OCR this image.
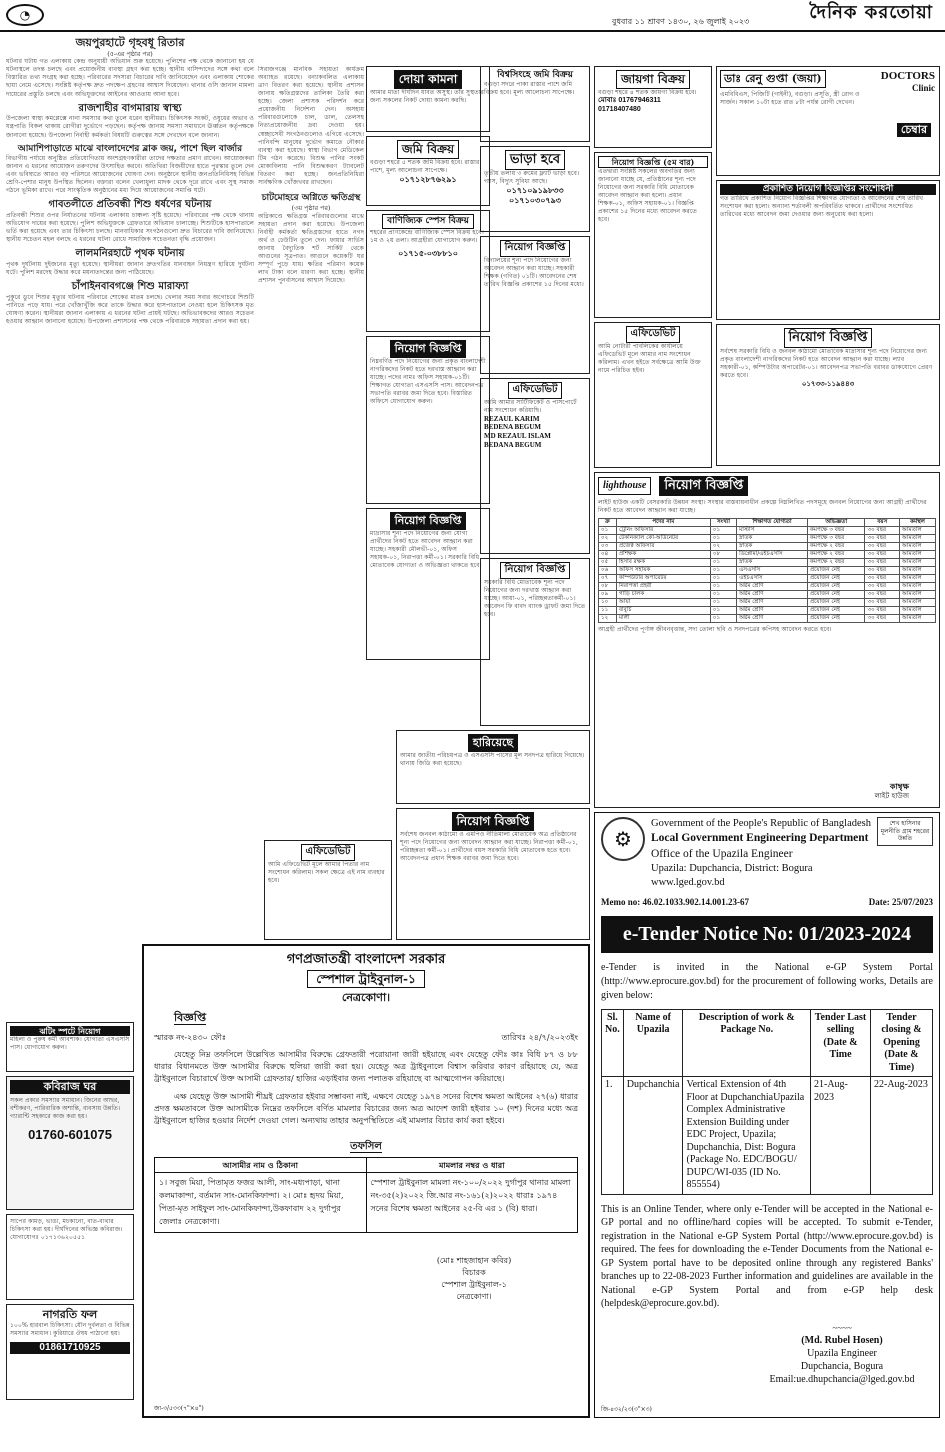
◔	বুধবার ১১ শ্রাবণ ১৪৩০, ২৬ জুলাই ২০২৩	দৈনিক করতোয়া
জয়পুরহাটে গৃহবধূ রিতার
(৫-এর পৃষ্ঠার পর)

ঘটনার ঘটায় গত এলাকায় কেন্দ্র অনুযায়ী অভিযান শুরু হয়েছে। পুলিশের পক্ষ থেকে জানানো হয় যে ঘটনাস্থলে তদন্ত চলছে এবং প্রয়োজনীয় ব্যবস্থা গ্রহণ করা হচ্ছে। স্থানীয় বাসিন্দাদের সঙ্গে কথা বলে বিস্তারিত তথ্য সংগ্রহ করা হচ্ছে। পরিবারের সদস্যরা বিচারের দাবি জানিয়েছেন এবং এলাকায় শোকের ছায়া নেমে এসেছে। সংশ্লিষ্ট কর্তৃপক্ষ দ্রুত পদক্ষেপ গ্রহণের আশ্বাস দিয়েছেন। থানার ওসি জানান মামলা দায়েরের প্রস্তুতি চলছে এবং অভিযুক্তদের আইনের আওতায় আনা হবে।

রাজশাহীর বাগমারায় স্বাস্থ্য

উপজেলা স্বাস্থ্য কমপ্লেক্সে নানা সমস্যার কথা তুলে ধরেন স্থানীয়রা। চিকিৎসক সংকট, ওষুধের অভাব ও যন্ত্রপাতি বিকল থাকায় রোগীরা দুর্ভোগে পড়ছেন। কর্তৃপক্ষ জানায় সমস্যা সমাধানে ঊর্ধ্বতন কর্তৃপক্ষকে জানানো হয়েছে। উপজেলা নির্বাহী কর্মকর্তা বিষয়টি গুরুত্বের সঙ্গে দেখছেন বলে জানান।

আমাশিপাড়াতে মাঝে বাংলাদেশের ব্লাক জয়, পাশে ছিল বার্জার

বিভাগীয় পর্যায়ে অনুষ্ঠিত প্রতিযোগিতায় অংশগ্রহণকারীরা তাদের দক্ষতার প্রমাণ রাখেন। আয়োজকরা জানান এ ধরনের আয়োজন তরুণদের উৎসাহিত করবে। অতিথিরা বিজয়ীদের হাতে পুরস্কার তুলে দেন এবং ভবিষ্যতে আরও বড় পরিসরে আয়োজনের ঘোষণা দেন। অনুষ্ঠানে স্থানীয় জনপ্রতিনিধিসহ বিভিন্ন শ্রেণি-পেশার মানুষ উপস্থিত ছিলেন। বক্তারা বলেন খেলাধুলা মাদক থেকে দূরে রাখে এবং সুস্থ সমাজ গঠনে ভূমিকা রাখে। পরে সাংস্কৃতিক অনুষ্ঠানের মধ্য দিয়ে আয়োজনের সমাপ্তি ঘটে।

গাবতলীতে প্রতিবন্ধী শিশু ধর্ষণের ঘটনায়

প্রতিবন্ধী শিশুর ওপর নির্যাতনের ঘটনায় এলাকায় চাঞ্চল্য সৃষ্টি হয়েছে। পরিবারের পক্ষ থেকে থানায় অভিযোগ দায়ের করা হয়েছে। পুলিশ অভিযুক্তকে গ্রেফতারে অভিযান চালাচ্ছে। শিশুটিকে হাসপাতালে ভর্তি করা হয়েছে এবং তার চিকিৎসা চলছে। মানবাধিকার সংগঠনগুলো দ্রুত বিচারের দাবি জানিয়েছে। স্থানীয় সচেতন মহল বলছে এ ধরনের ঘটনা রোধে সামাজিক সচেতনতা বৃদ্ধি প্রয়োজন।

লালমনিরহাটে পৃথক ঘটনায়

পৃথক দুর্ঘটনায় দুইজনের মৃত্যু হয়েছে। স্থানীয়রা জানান দ্রুতগতির যানবাহন নিয়ন্ত্রণ হারিয়ে দুর্ঘটনা ঘটে। পুলিশ মরদেহ উদ্ধার করে ময়নাতদন্তের জন্য পাঠিয়েছে।

চাঁপাইনবাবগঞ্জে শিশু মারাফ্যা

পুকুরে ডুবে শিশুর মৃত্যুর ঘটনায় পরিবারে শোকের মাতম চলছে। খেলার সময় সবার অগোচরে শিশুটি পানিতে পড়ে যায়। পরে খোঁজাখুঁজি করে তাকে উদ্ধার করে হাসপাতালে নেওয়া হলে চিকিৎসক মৃত ঘোষণা করেন। স্থানীয়রা জানান এলাকায় এ ধরনের ঘটনা প্রায়ই ঘটছে। অভিভাবকদের আরও সচেতন হওয়ার আহ্বান জানানো হয়েছে। উপজেলা প্রশাসনের পক্ষ থেকে পরিবারকে সহায়তা প্রদান করা হয়।

ঝটিং স্পটে নিয়োগ
মহিলা ও পুরুষ কর্মী আবশ্যক। যোগ্যতা এসএসসি পাস। যোগাযোগ করুন।
কবিরাজ ঘর
সকল প্রকার সমস্যার সমাধান। জিনের আছর, বশীকরণ, পারিবারিক অশান্তি, ব্যবসায় উন্নতি। গ্যারান্টি সহকারে কাজ করা হয়।
01760-601075
সাপের কামড়, ভাঙা, মচকানো, বাত-ব্যথার চিকিৎসা করা হয়। দীর্ঘদিনের অভিজ্ঞ কবিরাজ। যোগাযোগঃ ০১৭১৩৬২০৫৫১
নাগরতি ফল
১০০% হারবাল চিকিৎসা। যৌন দুর্বলতা ও বিভিন্ন সমস্যার সমাধান। কুরিয়ারে ঔষধ পাঠানো হয়।
01861710925

সিরাজগঞ্জে মানবিক সহায়তা কার্যক্রম অব্যাহত রয়েছে। বন্যাকবলিত এলাকায় ত্রাণ বিতরণ করা হয়েছে। স্থানীয় প্রশাসন জানায় ক্ষতিগ্রস্তদের তালিকা তৈরি করা হচ্ছে। জেলা প্রশাসক পরিদর্শন করে প্রয়োজনীয় নির্দেশনা দেন। অসহায় পরিবারগুলোকে চাল, ডাল, তেলসহ নিত্যপ্রয়োজনীয় দ্রব্য দেওয়া হয়। স্বেচ্ছাসেবী সংগঠনগুলোও এগিয়ে এসেছে। পানিবন্দি মানুষের দুর্ভোগ কমাতে নৌকার ব্যবস্থা করা হয়েছে। স্বাস্থ্য বিভাগ মেডিকেল টিম গঠন করেছে। বিশুদ্ধ পানির সংকট মোকাবিলায় পানি বিশুদ্ধকরণ ট্যাবলেট বিতরণ করা হচ্ছে। জনপ্রতিনিধিরা সার্বক্ষণিক খোঁজখবর রাখছেন।

চাটমোহরে অগ্নিতে ক্ষতিগ্রস্থ
(৩য় পৃষ্ঠার পর)

অগ্নিকাণ্ডে ক্ষতিগ্রস্ত পরিবারগুলোর মাঝে সহায়তা প্রদান করা হয়েছে। উপজেলা নির্বাহী কর্মকর্তা ক্ষতিগ্রস্তদের হাতে নগদ অর্থ ও ঢেউটিন তুলে দেন। ফায়ার সার্ভিস জানায় বৈদ্যুতিক শর্ট সার্কিট থেকে আগুনের সূত্রপাত। আগুনে কয়েকটি ঘর সম্পূর্ণ পুড়ে যায়। ক্ষতির পরিমাণ কয়েক লাখ টাকা বলে ধারণা করা হচ্ছে। স্থানীয় প্রশাসন পুনর্বাসনের আশ্বাস দিয়েছে।

দোয়া কামনা
আমার মাতা দীর্ঘদিন যাবত অসুস্থ। তাঁর সুস্থতার জন্য সকলের নিকট দোয়া কামনা করছি।
জমি বিক্রয়
বগুড়া শহরে ৫ শতক জমি বিক্রয় হবে। রাস্তার পাশে, মূল্য আলোচনা সাপেক্ষে।
০১৭১২৮৭৬২৯১
বাণিজ্যিক স্পেস বিক্রয়
শহরের প্রাণকেন্দ্রে বাণিজ্যিক স্পেস বিক্রয় হবে। ১ম ও ২য় তলা। আগ্রহীরা যোগাযোগ করুন।
০১৭১৫-০৩৮৮১০
নিয়োগ বিজ্ঞপ্তি
নিম্নবর্ণিত পদে নিয়োগের জন্য প্রকৃত বাংলাদেশী নাগরিকদের নিকট হতে দরখাস্ত আহ্বান করা যাচ্ছে। পদের নামঃ অফিস সহায়ক-০১টি। শিক্ষাগত যোগ্যতা এসএসসি পাস। আবেদনপত্র সভাপতি বরাবর জমা দিতে হবে। বিস্তারিত অফিসে যোগাযোগ করুন।
নিয়োগ বিজ্ঞপ্তি
মাদ্রাসার শূন্য পদে নিয়োগের জন্য যোগ্য প্রার্থীদের নিকট হতে আবেদন আহ্বান করা যাচ্ছে। সহকারী মৌলভী-০১, অফিস সহায়ক-০১, নিরাপত্তা কর্মী-০১। সরকারি বিধি মোতাবেক যোগ্যতা ও অভিজ্ঞতা থাকতে হবে।
বিশ্বসিংহে জমি বিক্রয়
বগুড়া সদরে পাকা রাস্তার পাশে জমি বিক্রয় হবে। মূল্য আলোচনা সাপেক্ষে।
ভাড়া হবে
তৃতীয় তলায় ৩ রুমের ফ্ল্যাট ভাড়া হবে। গ্যাস, বিদ্যুৎ সুবিধা আছে।
০১৭১০৯১৯৮৩৩
০১৭১০৩০৭৯৩
নিয়োগ বিজ্ঞপ্তি
বিদ্যালয়ের শূন্য পদে নিয়োগের জন্য আবেদন আহ্বান করা যাচ্ছে। সহকারী শিক্ষক (গণিত) ০১টি। আবেদনের শেষ তারিখ বিজ্ঞপ্তি প্রকাশের ১৫ দিনের মধ্যে।
এফিডেভিট
আমি আমার সার্টিফিকেট ও পাসপোর্টে নাম সংশোধন করিয়াছি।
REZAUL KARIM
BEDENA BEGUM
MD REZAUL ISLAM
BEDANA BEGUM
নিয়োগ বিজ্ঞপ্তি
সরকারি বিধি মোতাবেক শূন্য পদে নিয়োগের জন্য দরখাস্ত আহ্বান করা যাচ্ছে। আয়া-০১, পরিচ্ছন্নতাকর্মী-০১। আবেদন ফি বাবদ ব্যাংক ড্রাফট জমা দিতে হবে।
হারিয়েছে
আমার জাতীয় পরিচয়পত্র ও এসএসসি পাসের মূল সনদপত্র হারিয়ে গিয়েছে। থানায় জিডি করা হয়েছে।
জায়গা বিক্রয়
বগুড়া শহরে ৪ শতক জায়গা বিক্রয় হবে।
মোবাঃ 01767946311
01718407480
নিয়োগ বিজ্ঞপ্তি (৫ম বার)
এতদ্বারা সংশ্লিষ্ট সকলের অবগতির জন্য জানানো যাচ্ছে যে, প্রতিষ্ঠানের শূন্য পদে নিয়োগের জন্য সরকারি বিধি মোতাবেক আবেদন আহ্বান করা হলো। প্রধান শিক্ষক-০১, অফিস সহায়ক-০১। বিজ্ঞপ্তি প্রকাশের ১৫ দিনের মধ্যে আবেদন করতে হবে।
এফিডেভিট
আমি নোটারী পাবলিকের কার্যালয়ে এফিডেভিট মূলে আমার নাম সংশোধন করিলাম। এখন হইতে সর্বক্ষেত্রে আমি উক্ত নামে পরিচিত হইব।
ডাঃ রেনু গুপ্তা (জয়া)	DOCTORS
Clinic
এমবিবিএস, পিজিটি (গাইনী), বগুড়া। প্রসূতি, স্ত্রী রোগ ও সার্জন। সকাল ১০টা হতে রাত ৮টা পর্যন্ত রোগী দেখেন।
চেম্বার
প্রকাশিত নিয়োগ বিজ্ঞপ্তির সংশোধনী
গত তারিখে প্রকাশিত নিয়োগ বিজ্ঞপ্তির শিক্ষাগত যোগ্যতা ও আবেদনের শেষ তারিখ সংশোধন করা হলো। অন্যান্য শর্তাবলী অপরিবর্তিত থাকবে। প্রার্থীদের সংশোধিত তারিখের মধ্যে আবেদন জমা দেওয়ার জন্য অনুরোধ করা হলো।
নিয়োগ বিজ্ঞপ্তি
সর্বশেষ সরকারি বিধি ও জনবল কাঠামো মোতাবেক মাদ্রাসার শূন্য পদে নিয়োগের জন্য প্রকৃত বাংলাদেশী নাগরিকদের নিকট হতে আবেদন আহ্বান করা যাচ্ছে। ল্যাব সহকারী-০১, কম্পিউটার অপারেটর-০১। আবেদনপত্র সভাপতি বরাবর ডাকযোগে প্রেরণ করতে হবে।
০১৭৩৩-১১৯৪৪৩
lighthouse	নিয়োগ বিজ্ঞপ্তি
লাইট হাউজ একটি বেসরকারি উন্নয়ন সংস্থা। সংস্থার বাস্তবায়নাধীন প্রকল্পে নিম্নলিখিত পদসমূহে জনবল নিয়োগের জন্য আগ্রহী প্রার্থীদের নিকট হতে আবেদন আহ্বান করা যাচ্ছে।
ক্র	পদের নাম	সংখ্যা	শিক্ষাগত যোগ্যতা	অভিজ্ঞতা	বয়স	কর্মস্থল
০১	ট্রেনিং অফিসার	০১	মাস্টার্স	কমপক্ষে ৩ বছর	৩০ বছর	আমতলি
০২	টেকনিক্যাল কো-অর্ডিনেটর	০১	স্নাতক	কমপক্ষে ৩ বছর	৩০ বছর	আমতলি
০৩	প্রজেক্ট অফিসার	০২	স্নাতক	কমপক্ষে ২ বছর	৩০ বছর	আমতলি
০৪	প্রশিক্ষক	০৮	ডিপ্লোমা/এইচএসসি	কমপক্ষে ২ বছর	৩০ বছর	আমতলি
০৫	হিসাব রক্ষক	০১	স্নাতক	কমপক্ষে ২ বছর	৩০ বছর	আমতলি
০৬	অফিস সহায়ক	০১	এসএসসি	প্রয়োজন নেই	৩০ বছর	আমতলি
০৭	কম্পিউটার অপারেটর	০১	এইচএসসি	প্রয়োজন নেই	৩০ বছর	আমতলি
০৮	নিরাপত্তা প্রহরী	০১	অষ্টম শ্রেণি	প্রয়োজন নেই	৩০ বছর	আমতলি
০৯	গাড়ি চালক	০১	অষ্টম শ্রেণি	প্রয়োজন নেই	৩০ বছর	আমতলি
১০	আয়া	০১	অষ্টম শ্রেণি	প্রয়োজন নেই	৩০ বছর	আমতলি
১১	বাবুর্চি	০১	অষ্টম শ্রেণি	প্রয়োজন নেই	৩০ বছর	আমতলি
১২	মালী	০১	অষ্টম শ্রেণি	প্রয়োজন নেই	৩০ বছর	আমতলি
আগ্রহী প্রার্থীদের পূর্ণাঙ্গ জীবনবৃত্তান্ত, সদ্য তোলা ছবি ও সনদপত্রের কপিসহ আবেদন করতে হবে।
কাম্বৃক্ষ
লাইট হাউজ
নিয়োগ বিজ্ঞপ্তি
সর্বশেষ জনবল কাঠামো ও এমপিও নীতিমালা মোতাবেক অত্র প্রতিষ্ঠানের শূন্য পদে নিয়োগের জন্য আবেদন আহ্বান করা যাচ্ছে। নিরাপত্তা কর্মী-০১, পরিচ্ছন্নতা কর্মী-০১। প্রার্থীদের বয়স সরকারি বিধি মোতাবেক হতে হবে। আবেদনপত্র প্রধান শিক্ষক বরাবর জমা দিতে হবে।
এফিডেভিট
আমি এফিডেভিট মূলে আমার পিতার নাম সংশোধন করিলাম। সকল ক্ষেত্রে এই নাম ব্যবহার হবে।
গণপ্রজাতন্ত্রী বাংলাদেশ সরকার
স্পেশাল ট্রাইবুনাল-১
নেত্রকোণা।
বিজ্ঞপ্তি
স্মারক নং-২৪৩০ ফৌঃ	তারিখঃ ২৪/৭/২০২৩ইং

যেহেতু নিম্ন তফসিলে উল্লেখিত আসামীর বিরুদ্ধে গ্রেফতারী পরোয়ানা জারী হইয়াছে এবং যেহেতু ফৌঃ কাঃ বিধি ৮৭ ও ৮৮ ধারার বিধানমতে উক্ত আসামীর বিরুদ্ধে হুলিয়া জারী করা হয়। যেহেতু অত্র ট্রাইবুনালে বিশ্বাস করিবার কারণ রহিয়াছে যে, অত্র ট্রাইবুনালে বিচারার্থে উক্ত আসামী গ্রেফতার/ হাজির এড়াইবার জন্য পলাতক রহিয়াছে বা আত্মগোপন করিয়াছে।

এক্ষ যেহেতু উক্ত আসামী শীঘ্রই গ্রেফতার হইবার সম্ভাবনা নাই, এক্ষণে যেহেতু ১৯৭৪ সনের বিশেষ ক্ষমতা আইনের ২৭(৬) ধারার প্রদত্ত ক্ষমতাবলে উক্ত আসামীকে নিম্নের তফসিলে বর্ণিত মামলার বিচারের জন্য অত্র আদেশ জারী হইবার ১০ (দশ) দিনের মধ্যে অত্র ট্রাইবুনালে হাজির হওয়ার নির্দেশ দেওয়া গেল। অন্যথায় তাহার অনুপস্থিতিতে এই মামলার বিচার কার্য করা হইবে।

তফসিল
আসামীর নাম ও ঠিকানা	মামলার নম্বর ও ধারা
১। সবুজ মিয়া, পিতামৃত ফজর আলী, সাং-মধ্যপাড়া, থানা কলমাকান্দা, বর্তমান সাং-মোনকিফান্দা। ২। মোঃ হৃদয় মিয়া, পিতা-মৃত সাইফুল সাং-মোনকিফান্দা,উকফাবাদ ২২ দুর্গাপুর জেলাঃ নেত্রকোণা।	স্পেশাল ট্রাইবুনাল মামলা নং-১০০/২০২২ দুর্গাপুর থানার মামলা নং-৩৫(২)২০২২ জি.আর নং-১৬১(২)২০২২ ধারাঃ ১৯৭৪ সনের বিশেষ ক্ষমতা আইনের ২৫-বি এর ১ (বি) ধারা।
(মোঃ শাহজাহান কবির)
বিচারক
স্পেশাল ট্রাইবুনাল-১
নেত্রকোণা।
জা-৩/৫৩৩(৭"×৪")
⚙
Government of the People's Republic of Bangladesh
Local Government Engineering Department
Office of the Upazila Engineer
Upazila: Dupchancia, District: Bogura
www.lged.gov.bd
শেখ হাসিনার মূলনীতি গ্রাম শহরের উন্নতি
Memo no: 46.02.1033.902.14.001.23-67	Date: 25/07/2023
e-Tender Notice No: 01/2023-2024

e-Tender is invited in the National e-GP System Portal (http://www.eprocure.gov.bd) for the procurement of following works, Details are given below:

Sl. No.	Name of Upazila	Description of work & Package No.	Tender Last selling (Date & Time	Tender closing & Opening (Date & Time)
1.	Dupchanchia	Vertical Extension of 4th Floor at DupchanchiaUpazila Complex Administrative Extension Building under EDC Project, Upazila; Dupchanchia, Dist: Bogura (Package No. EDC/BOGU/ DUPC/WI-035 (ID No. 855554)	21-Aug-2023	22-Aug-2023

This is an Online Tender, where only e-Tender will be accepted in the National e-GP portal and no offline/hard copies will be accepted. To submit e-Tender, registration in the National e-GP System Portal (http://www.eprocure.gov.bd) is required. The fees for downloading the e-Tender Documents from the National e-GP System portal have to be deposited online through any registered Banks' branches up to 22-08-2023 Further information and guidelines are available in the National e-GP System Portal and from e-GP help desk (helpdesk@eprocure.gov.bd).

~~~~
(Md. Rubel Hosen)
Upazila Engineer
Dupchancia, Bogura
Email:ue.dhupchancia@lged.gov.bd
জি-৪৩২/২৩(৩"×৩)
